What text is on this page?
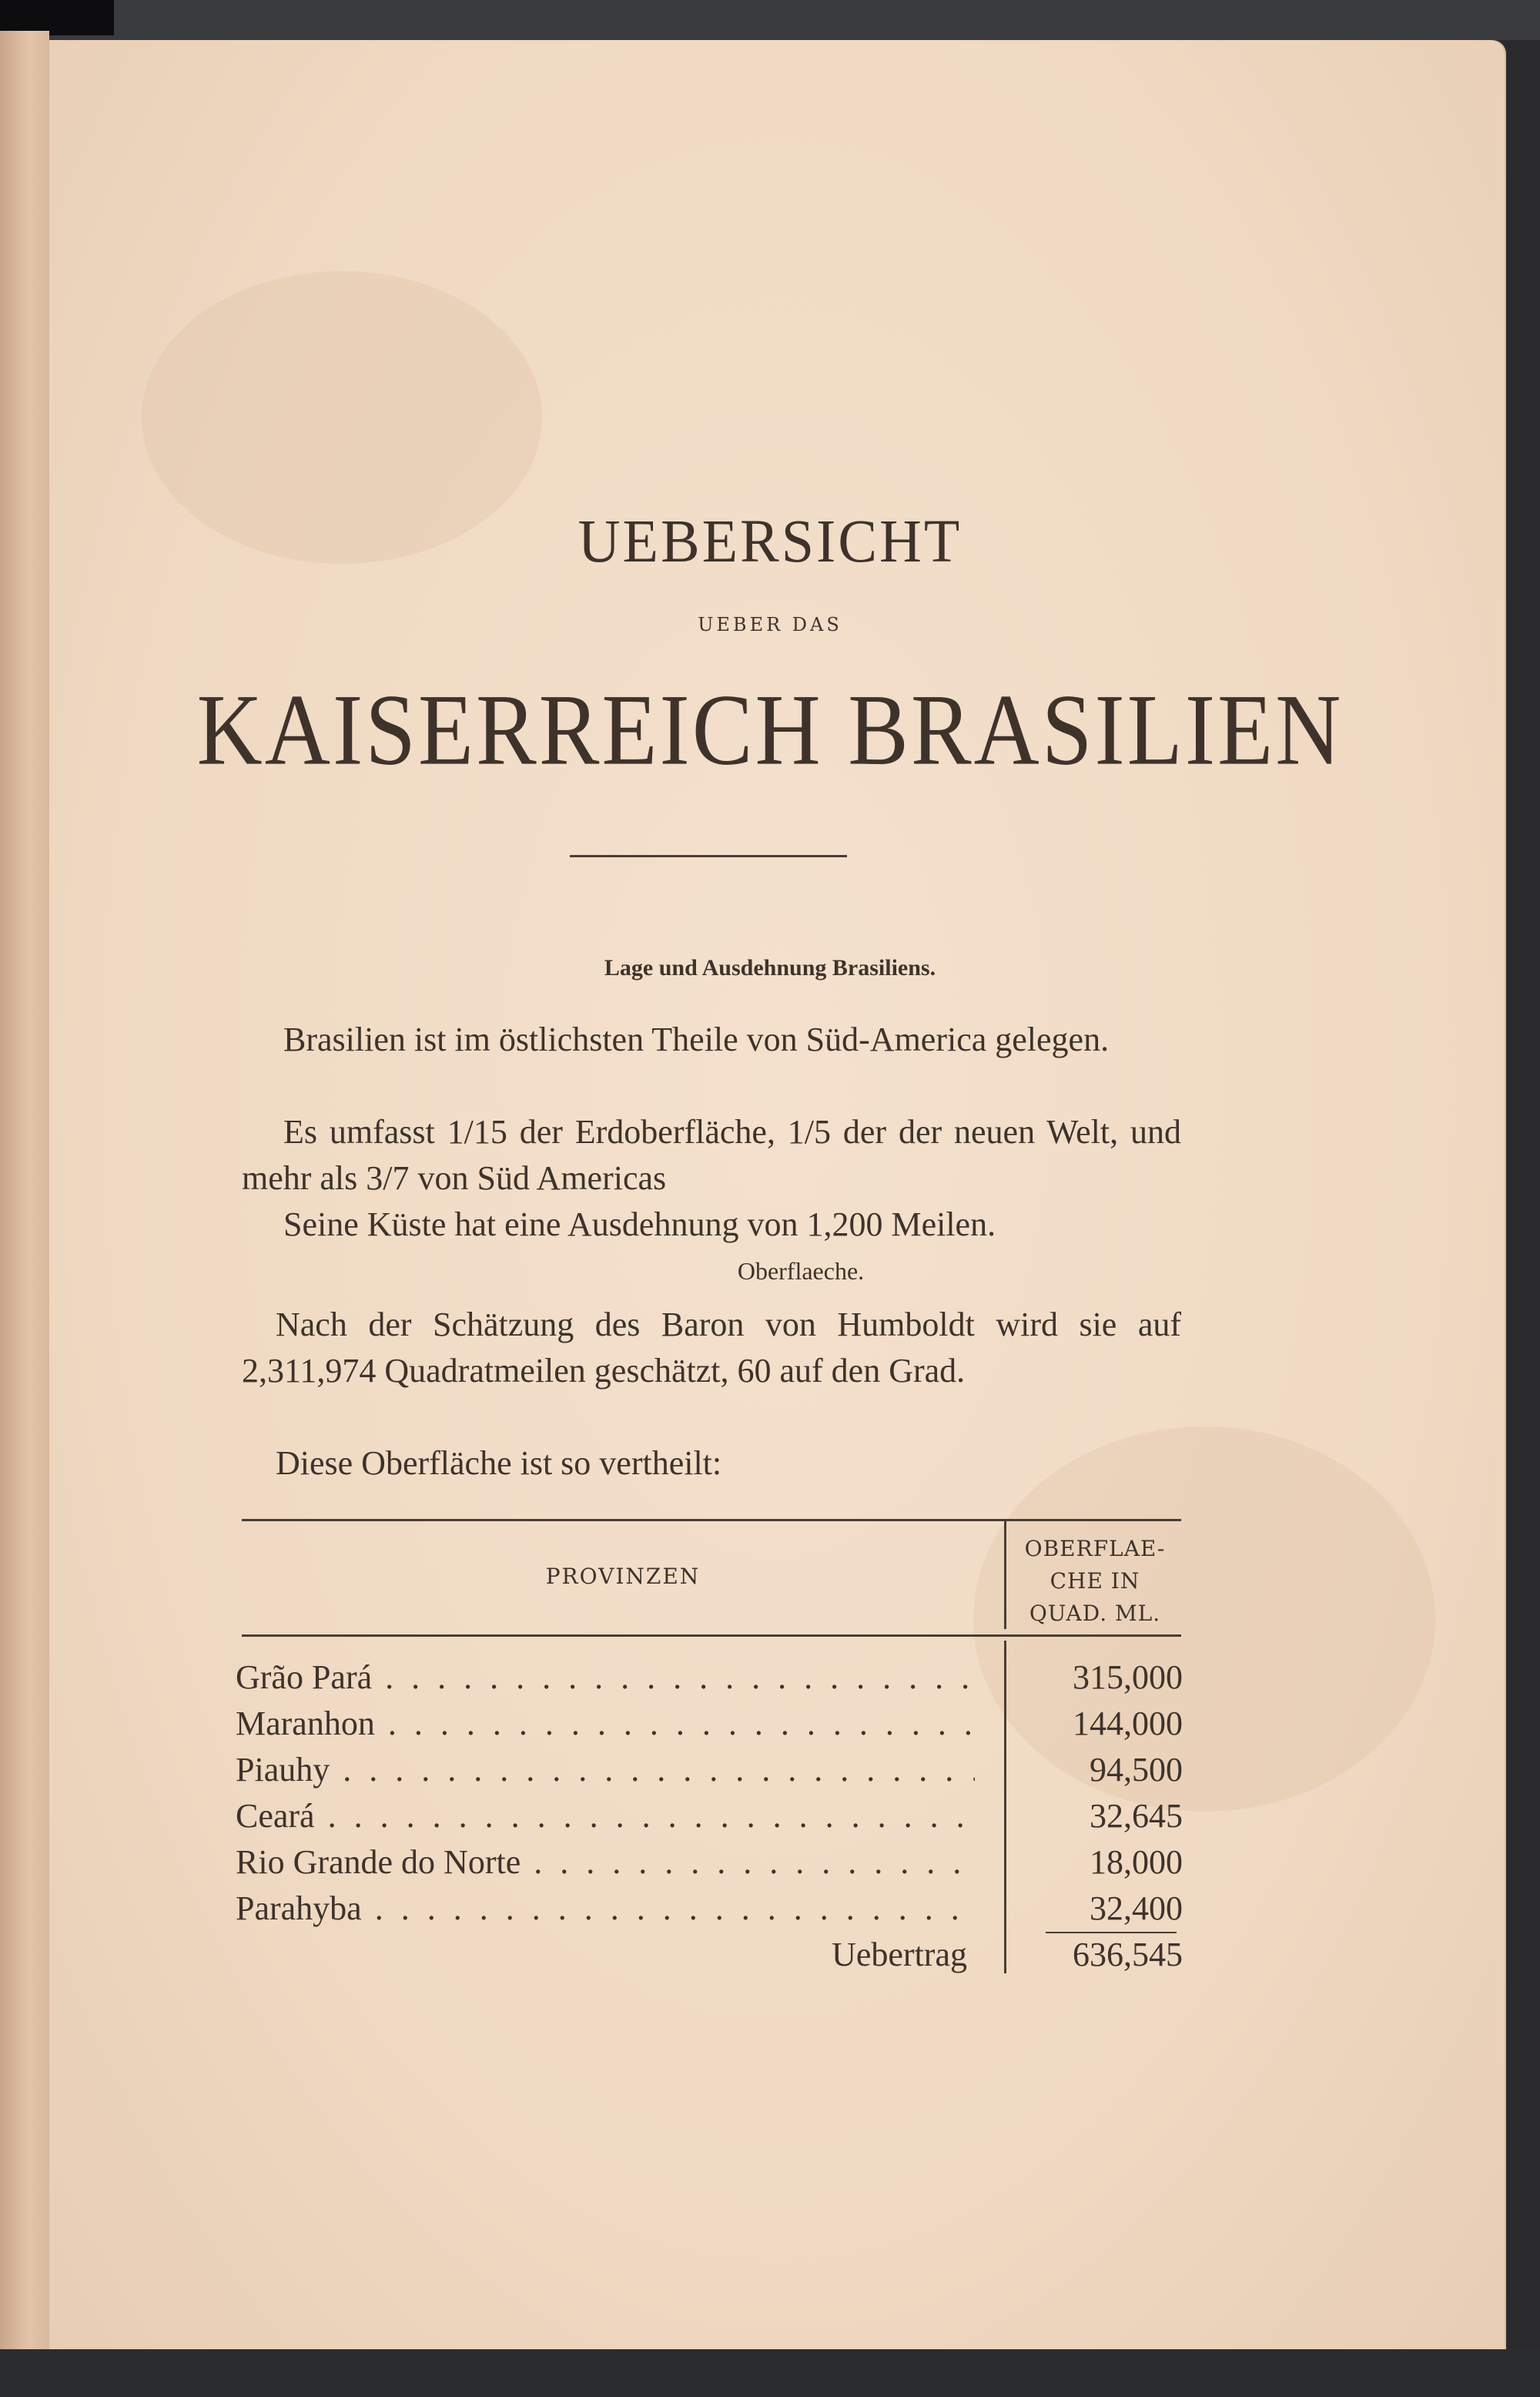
UEBERSICHT
UEBER DAS
KAISERREICH BRASILIEN
Lage und Ausdehnung Brasiliens.
Brasilien ist im östlichsten Theile von Süd-America gelegen.
Es umfasst 1/15 der Erdoberfläche, 1/5 der der neuen Welt, und mehr als 3/7 von Süd Americas
Seine Küste hat eine Ausdehnung von 1,200 Meilen.
Oberflaeche.
Nach der Schätzung des Baron von Humboldt wird sie auf 2,311,974 Quadratmeilen geschätzt, 60 auf den Grad.
Diese Oberfläche ist so vertheilt:
PROVINZEN
OBERFLAE-
CHE IN
QUAD. ML.
Grão Pará . . .	315,000
Maranhon . . .	144,000
Piauhy . . .	94,500
Ceará . . .	32,645
Rio Grande do Norte . . .	18,000
Parahyba . . .	32,400
Uebertrag	636,545
